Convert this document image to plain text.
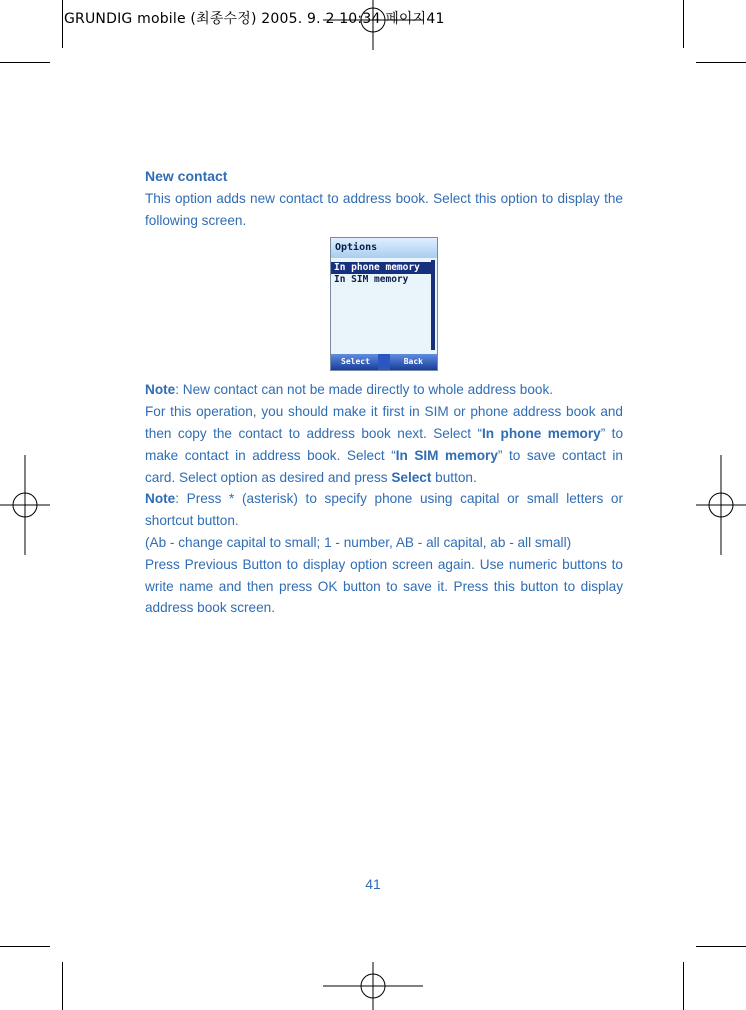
GRUNDIG mobile (최종수정) 2005. 9. 2 10:34 페이지41
New contact

This option adds new contact to address book. Select this option to display the following screen.

Options
In phone memory
In SIM memory
Select	Back

Note: New contact can not be made directly to whole address book.

For this operation, you should make it first in SIM or phone address book and then copy the contact to address book next. Select “In phone memory” to make contact in address book. Select “In SIM memory” to save contact in card. Select option as desired and press Select button.

Note: Press * (asterisk) to specify phone using capital or small letters or shortcut button.

(Ab - change capital to small; 1 - number, AB - all capital, ab - all small)

Press Previous Button to display option screen again. Use numeric buttons to write name and then press OK button to save it. Press this button to display address book screen.

41
